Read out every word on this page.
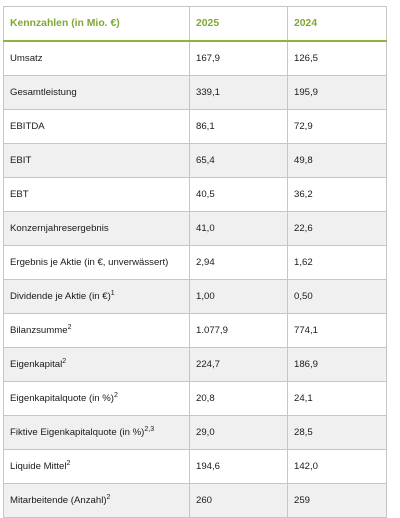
Kennzahlen (in Mio. €)	2025	2024
Umsatz	167,9	126,5
Gesamtleistung	339,1	195,9
EBITDA	86,1	72,9
EBIT	65,4	49,8
EBT	40,5	36,2
Konzernjahresergebnis	41,0	22,6
Ergebnis je Aktie (in €, unverwässert)	2,94	1,62
Dividende je Aktie (in €)$^1$	1,00	0,50
Bilanzsumme$^2$	1.077,9	774,1
Eigenkapital$^2$	224,7	186,9
Eigenkapitalquote (in %)$^2$	20,8	24,1
Fiktive Eigenkapitalquote (in %)$^{2,3}$	29,0	28,5
Liquide Mittel$^2$	194,6	142,0
Mitarbeitende (Anzahl)$^2$	260	259
